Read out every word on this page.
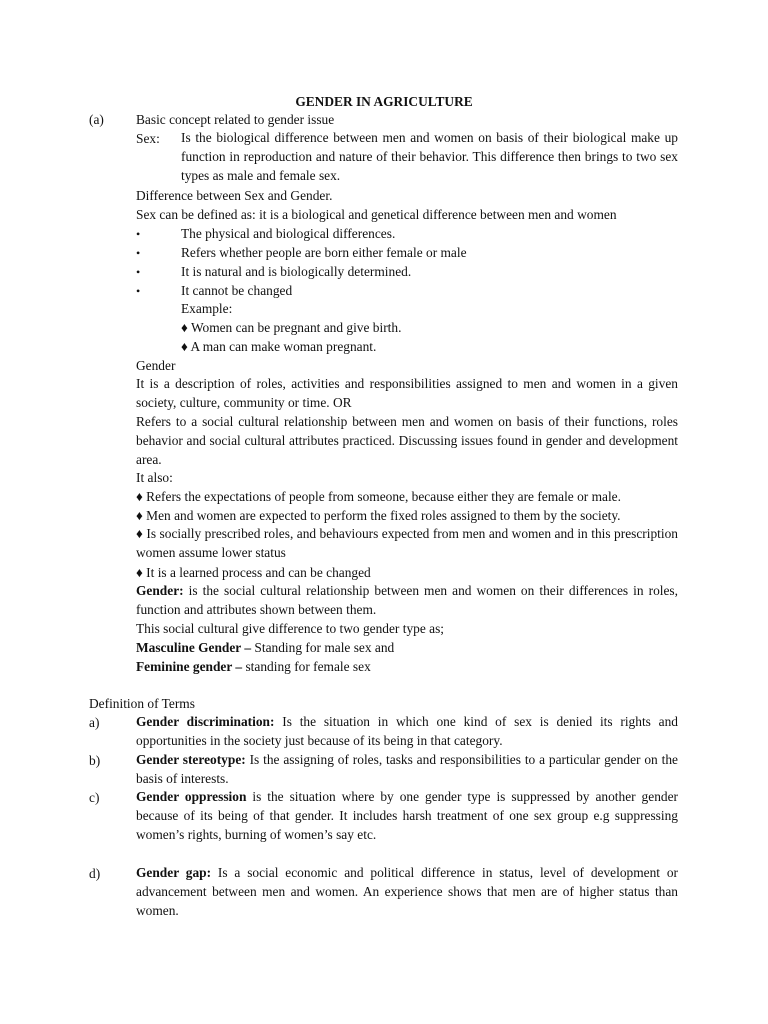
GENDER IN AGRICULTURE
(a) Basic concept related to gender issue
Sex: Is the biological difference between men and women on basis of their biological make up function in reproduction and nature of their behavior. This difference then brings to two sex types as male and female sex.
Difference between Sex and Gender.
Sex can be defined as: it is a biological and genetical difference between men and women
•	The physical and biological differences.
•	Refers whether people are born either female or male
•	It is natural and is biologically determined.
•	It cannot be changed
Example:
♦ Women can be pregnant and give birth.
♦ A man can make woman pregnant.
Gender
It is a description of roles, activities and responsibilities assigned to men and women in a given society, culture, community or time. OR
Refers to a social cultural relationship between men and women on basis of their functions, roles behavior and social cultural attributes practiced. Discussing issues found in gender and development area.
It also:
♦ Refers the expectations of people from someone, because either they are female or male.
♦ Men and women are expected to perform the fixed roles assigned to them by the society.
♦ Is socially prescribed roles, and behaviours expected from men and women and in this prescription women assume lower status
♦ It is a learned process and can be changed
Gender: is the social cultural relationship between men and women on their differences in roles, function and attributes shown between them.
This social cultural give difference to two gender type as;
Masculine Gender – Standing for male sex and
Feminine gender – standing for female sex
Definition of Terms
a)	Gender discrimination: Is the situation in which one kind of sex is denied its rights and opportunities in the society just because of its being in that category.
b)	Gender stereotype: Is the assigning of roles, tasks and responsibilities to a particular gender on the basis of interests.
c)	Gender oppression is the situation where by one gender type is suppressed by another gender because of its being of that gender. It includes harsh treatment of one sex group e.g suppressing women’s rights, burning of women’s say etc.
d)	Gender gap: Is a social economic and political difference in status, level of development or advancement between men and women. An experience shows that men are of higher status than women.
